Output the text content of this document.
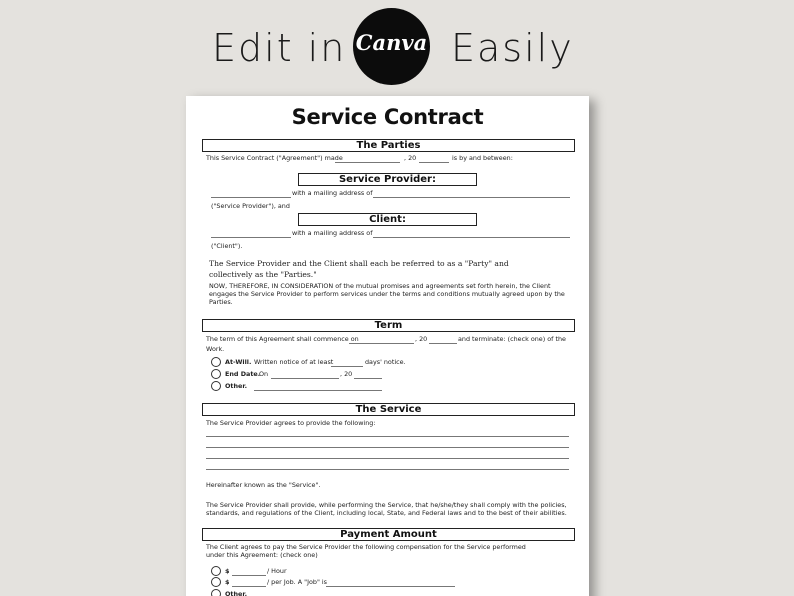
Edit in Canva Easily
Service Contract
The Parties
This Service Contract ("Agreement") made	, 20	is by and between:
Service Provider:
with a mailing address of
("Service Provider"), and
Client:
with a mailing address of
("Client").
The Service Provider and the Client shall each be referred to as a "Party" and collectively as the "Parties."
NOW, THEREFORE, IN CONSIDERATION of the mutual promises and agreements set forth herein, the Client engages the Service Provider to perform services under the terms and conditions mutually agreed upon by the Parties.
Term
The term of this Agreement shall commence on	, 20	and terminate: (check one) of the
Work.
At-Will. Written notice of at least	days' notice.
End Date.
On	, 20
Other.
The Service
The Service Provider agrees to provide the following:
Hereinafter known as the "Service".
The Service Provider shall provide, while performing the Service, that he/she/they shall comply with the policies, standards, and regulations of the Client, including local, State, and Federal laws and to the best of their abilities.
Payment Amount
The Client agrees to pay the Service Provider the following compensation for the Service performed under this Agreement: (check one)
$	/ Hour
$	/ per Job. A "Job" is
Other.
